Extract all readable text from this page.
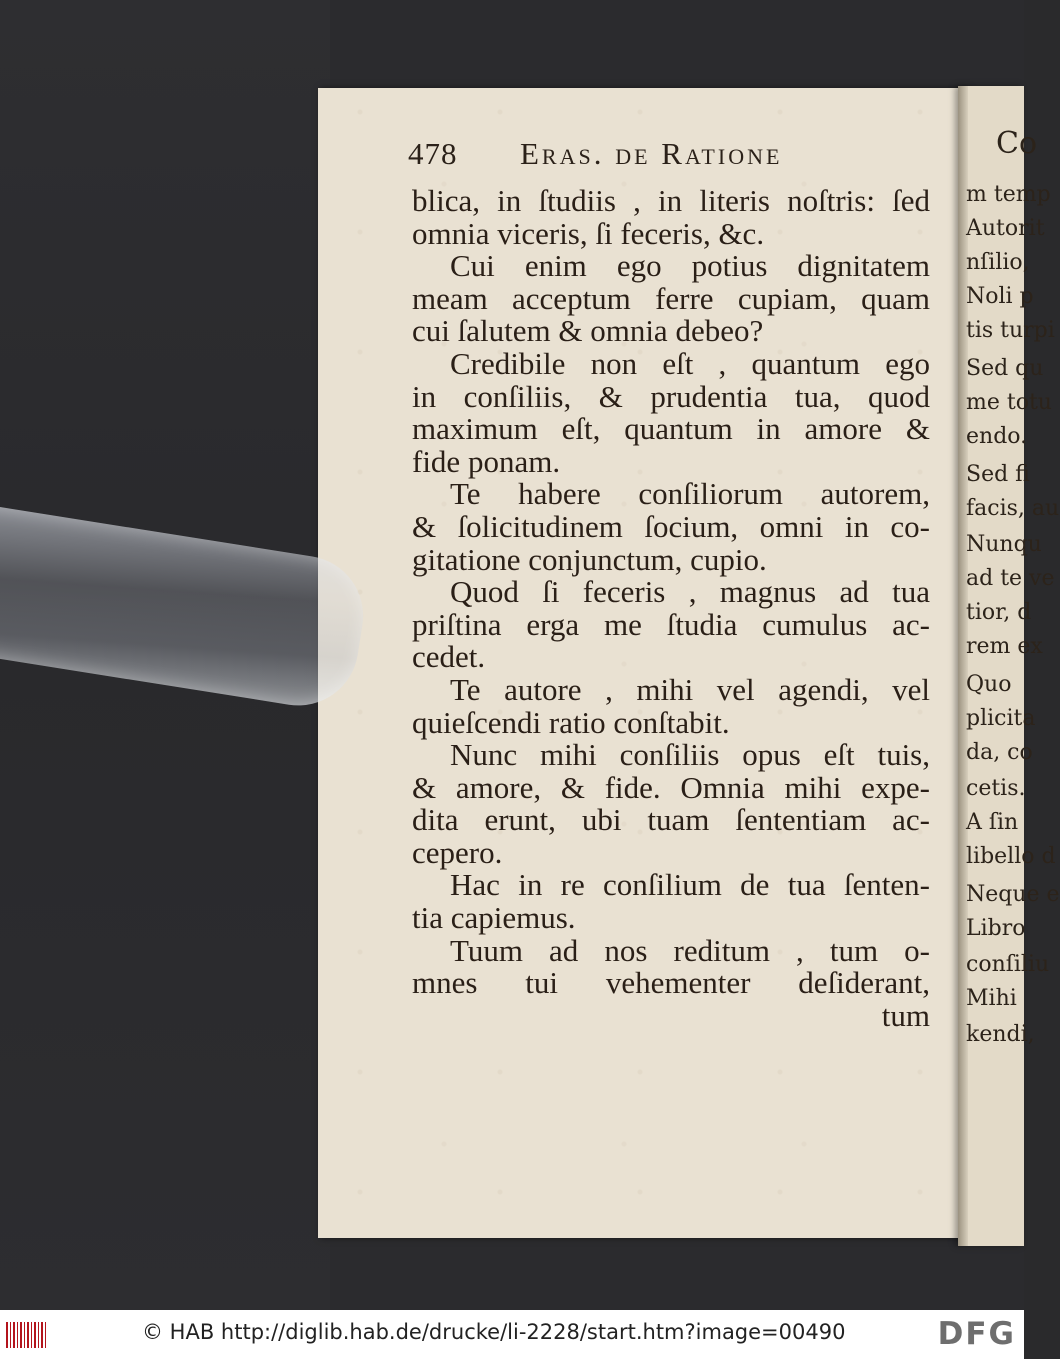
Co
m temp
Autorit
nſilio,
Noli p
tis turpi
Sed qu
me totu
endo.
Sed fi
facis, au
Nunqu
ad te ve
tior, d
rem ex
Quo
plicita
da, co
cetis.
A ſin
libello d
Neque e
Libro
conſiliu
Mihi
kendi,
478 Eras. de Ratione
blica, in ſtudiis , in literis noſtris: ſed
omnia viceris, ſi feceris, &c.
Cui enim ego potius dignitatem
meam acceptum ferre cupiam, quam
cui ſalutem & omnia debeo?
Credibile non eſt , quantum ego
in conſiliis, & prudentia tua, quod
maximum eſt, quantum in amore &
fide ponam.
Te habere conſiliorum autorem,
& ſolicitudinem ſocium, omni in co-
gitatione conjunctum, cupio.
Quod ſi feceris , magnus ad tua
priſtina erga me ſtudia cumulus ac-
cedet.
Te autore , mihi vel agendi, vel
quieſcendi ratio conſtabit.
Nunc mihi conſiliis opus eſt tuis,
& amore, & fide. Omnia mihi expe-
dita erunt, ubi tuam ſententiam ac-
cepero.
Hac in re conſilium de tua ſenten-
tia capiemus.
Tuum ad nos reditum , tum o-
mnes tui vehementer deſiderant,
tum
© HAB http://diglib.hab.de/drucke/li-2228/start.htm?image=00490	DFG
